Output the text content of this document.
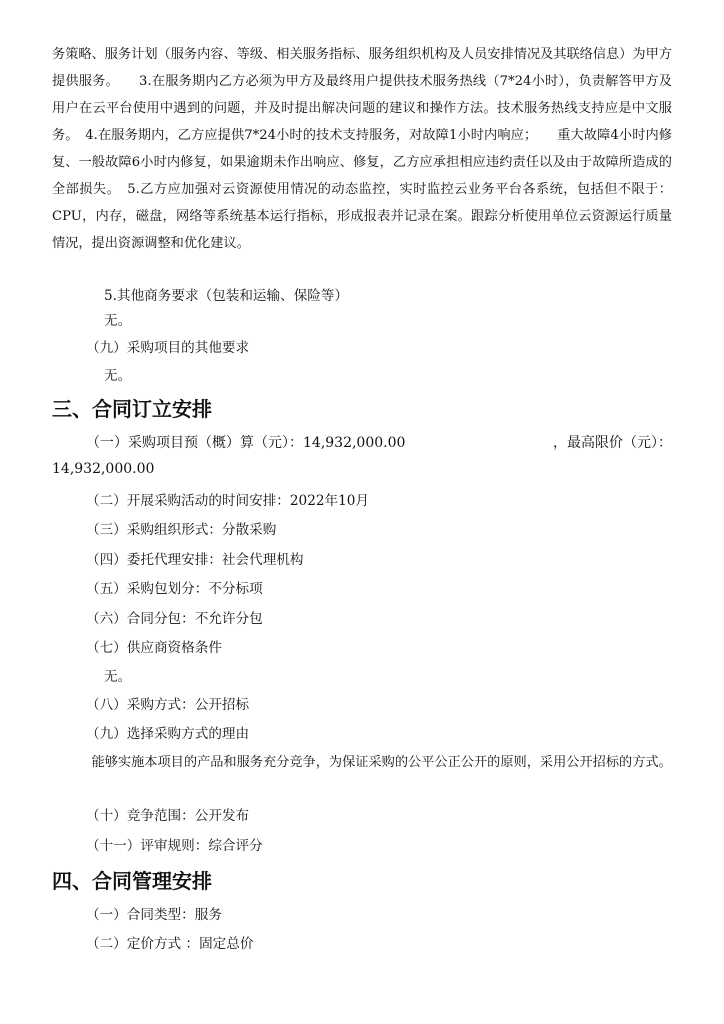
务策略、服务计划（服务内容、等级、相关服务指标、服务组织机构及人员安排情况及其联络信息）为甲方提供服务。　　3.在服务期内乙方必须为甲方及最终用户提供技术服务热线（7*24小时），负责解答甲方及用户在云平台使用中遇到的问题，并及时提出解决问题的建议和操作方法。技术服务热线支持应是中文服务。　4.在服务期内，乙方应提供7*24小时的技术支持服务，对故障1小时内响应；　　重大故障4小时内修复、一般故障6小时内修复，如果逾期未作出响应、修复，乙方应承担相应违约责任以及由于故障所造成的全部损失。　5.乙方应加强对云资源使用情况的动态监控，实时监控云业务平台各系统，包括但不限于：CPU，内存，磁盘，网络等系统基本运行指标，形成报表并记录在案。跟踪分析使用单位云资源运行质量情况，提出资源调整和优化建议。

5.其他商务要求（包装和运输、保险等）

无。

（九）采购项目的其他要求

无。

三、合同订立安排
（一）采购项目预（概）算（元）：14,932,000.00	，最高限价（元）：
14,932,000.00

（二）开展采购活动的时间安排：2022年10月

（三）采购组织形式：分散采购

（四）委托代理安排：社会代理机构

（五）采购包划分：不分标项

（六）合同分包：不允许分包

（七）供应商资格条件

无。

（八）采购方式：公开招标

（九）选择采购方式的理由

　　　能够实施本项目的产品和服务充分竞争，为保证采购的公平公正公开的原则，采用公开招标的方式。

（十）竞争范围：公开发布

（十一）评审规则：综合评分

四、合同管理安排

（一）合同类型：服务

（二）定价方式 ：固定总价
